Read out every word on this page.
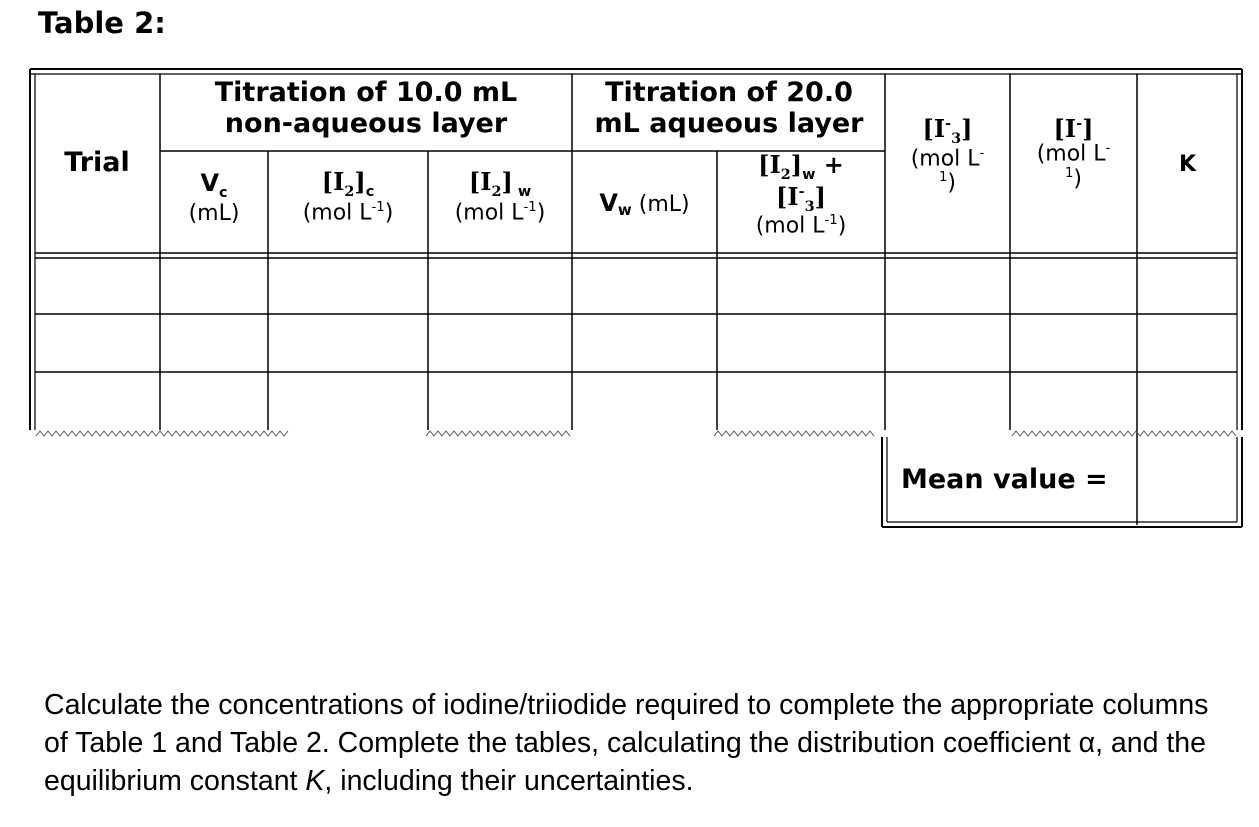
Table 2:
Trial
Titration of 10.0 mL
non-aqueous layer
Titration of 20.0
mL aqueous layer
$V_c$
(mL)
$[I_2]_c$
(mol $L^{-1}$)
$[I_2]$ $_w$
(mol $L^{-1}$)	$V_w$ (mL)
$[I_2]_w$ +
$[I^-_3]$
(mol $L^{-1}$)
$[I^-_3]$
(mol L-
$^1$)
[I-]
(mol L-
$^1$)
K
Mean value =
Calculate the concentrations of iodine/triiodide required to complete the appropriate columns of Table 1 and Table 2. Complete the tables, calculating the distribution coefficient α, and the equilibrium constant K, including their uncertainties.
